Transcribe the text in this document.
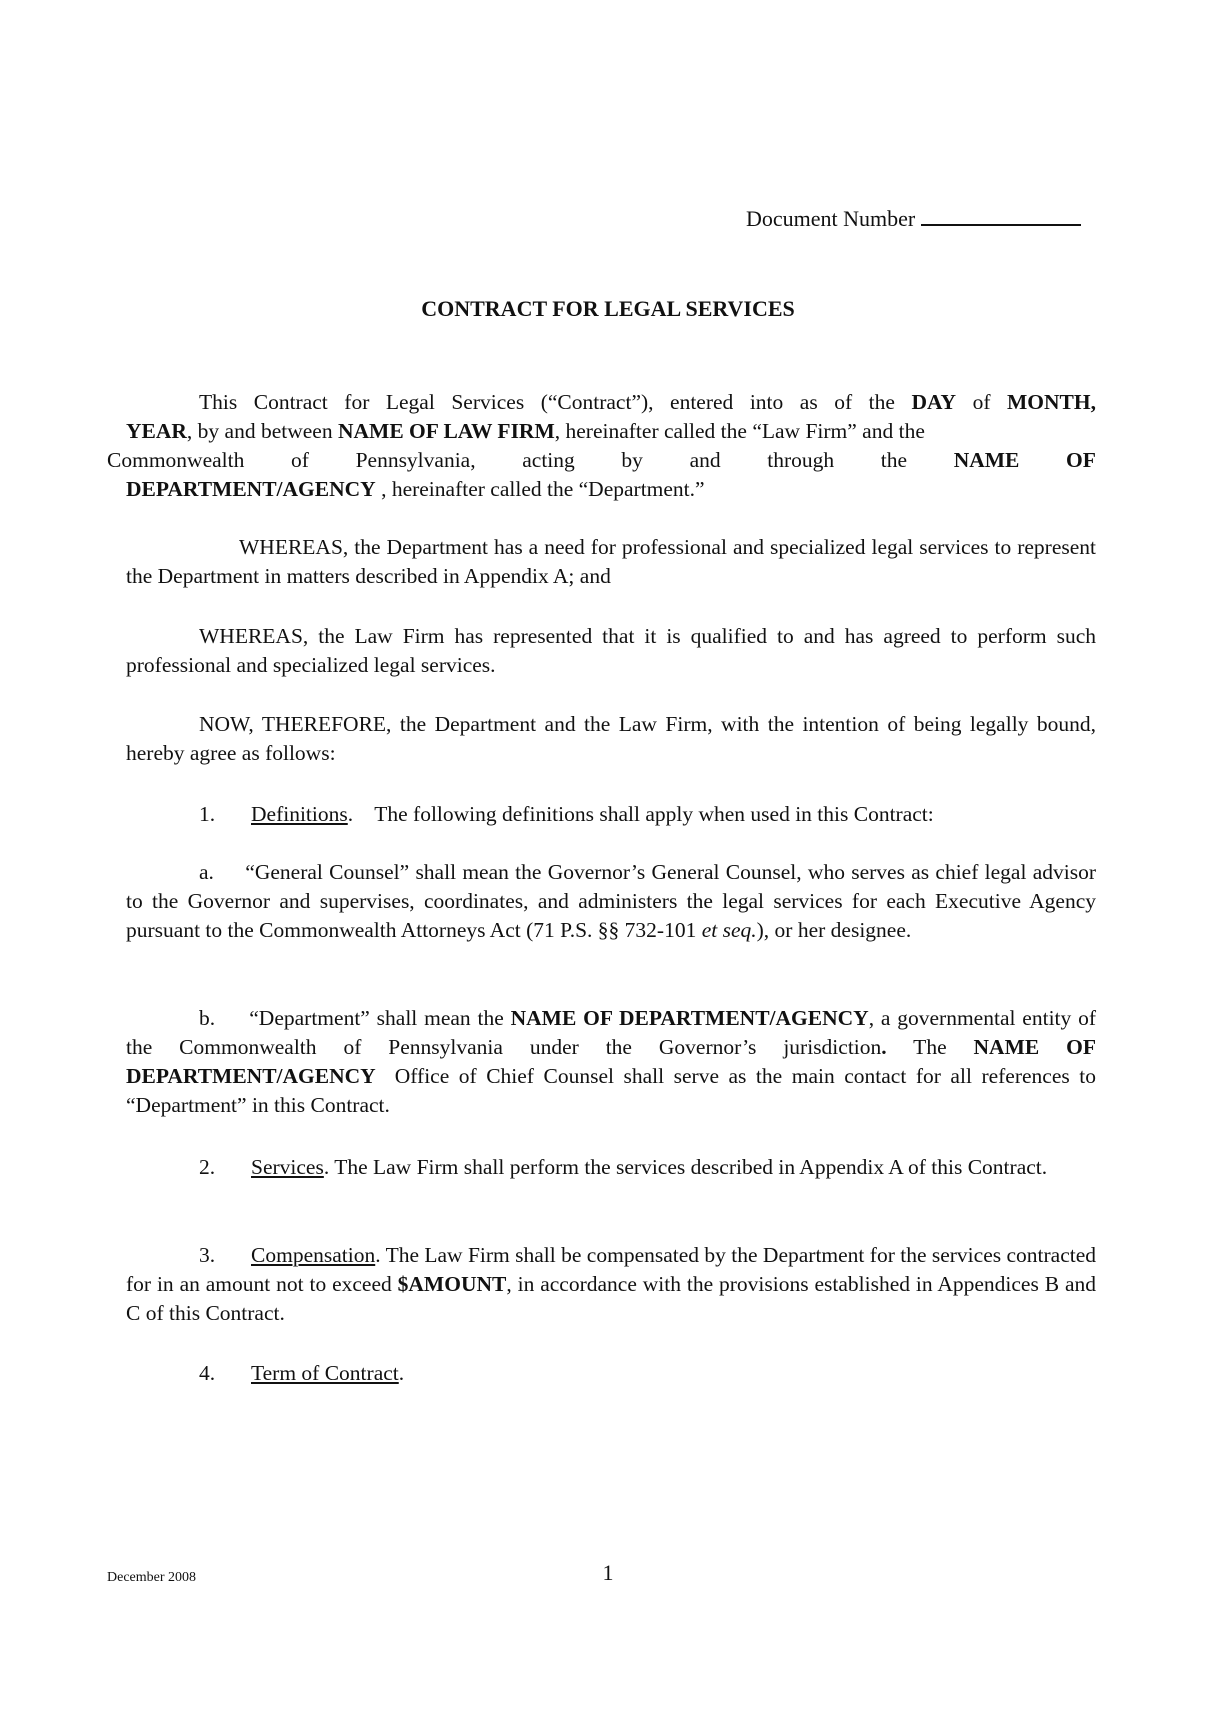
Document Number
CONTRACT FOR LEGAL SERVICES
This Contract for Legal Services (“Contract”), entered into as of the DAY of MONTH,
YEAR, by and between NAME OF LAW FIRM, hereinafter called the “Law Firm” and the
Commonwealth of Pennsylvania, acting by and through the NAME OF
DEPARTMENT/AGENCY , hereinafter called the “Department.”
WHEREAS, the Department has a need for professional and specialized legal services to represent the Department in matters described in Appendix A; and
WHEREAS, the Law Firm has represented that it is qualified to and has agreed to perform such professional and specialized legal services.
NOW, THEREFORE, the Department and the Law Firm, with the intention of being legally bound, hereby agree as follows:
1. Definitions.    The following definitions shall apply when used in this Contract:
a. “General Counsel” shall mean the Governor’s General Counsel, who serves as chief legal advisor to the Governor and supervises, coordinates, and administers the legal services for each Executive Agency pursuant to the Commonwealth Attorneys Act (71 P.S. §§ 732-101 et seq.), or her designee.
b. “Department” shall mean the NAME OF DEPARTMENT/AGENCY, a governmental entity of the Commonwealth of Pennsylvania under the Governor’s jurisdiction. The NAME OF DEPARTMENT/AGENCY  Office of Chief Counsel shall serve as the main contact for all references to “Department” in this Contract.
2. Services. The Law Firm shall perform the services described in Appendix A of this Contract.
3. Compensation. The Law Firm shall be compensated by the Department for the services contracted for in an amount not to exceed $AMOUNT, in accordance with the provisions established in Appendices B and C of this Contract.
4. Term of Contract.
December 2008	1
